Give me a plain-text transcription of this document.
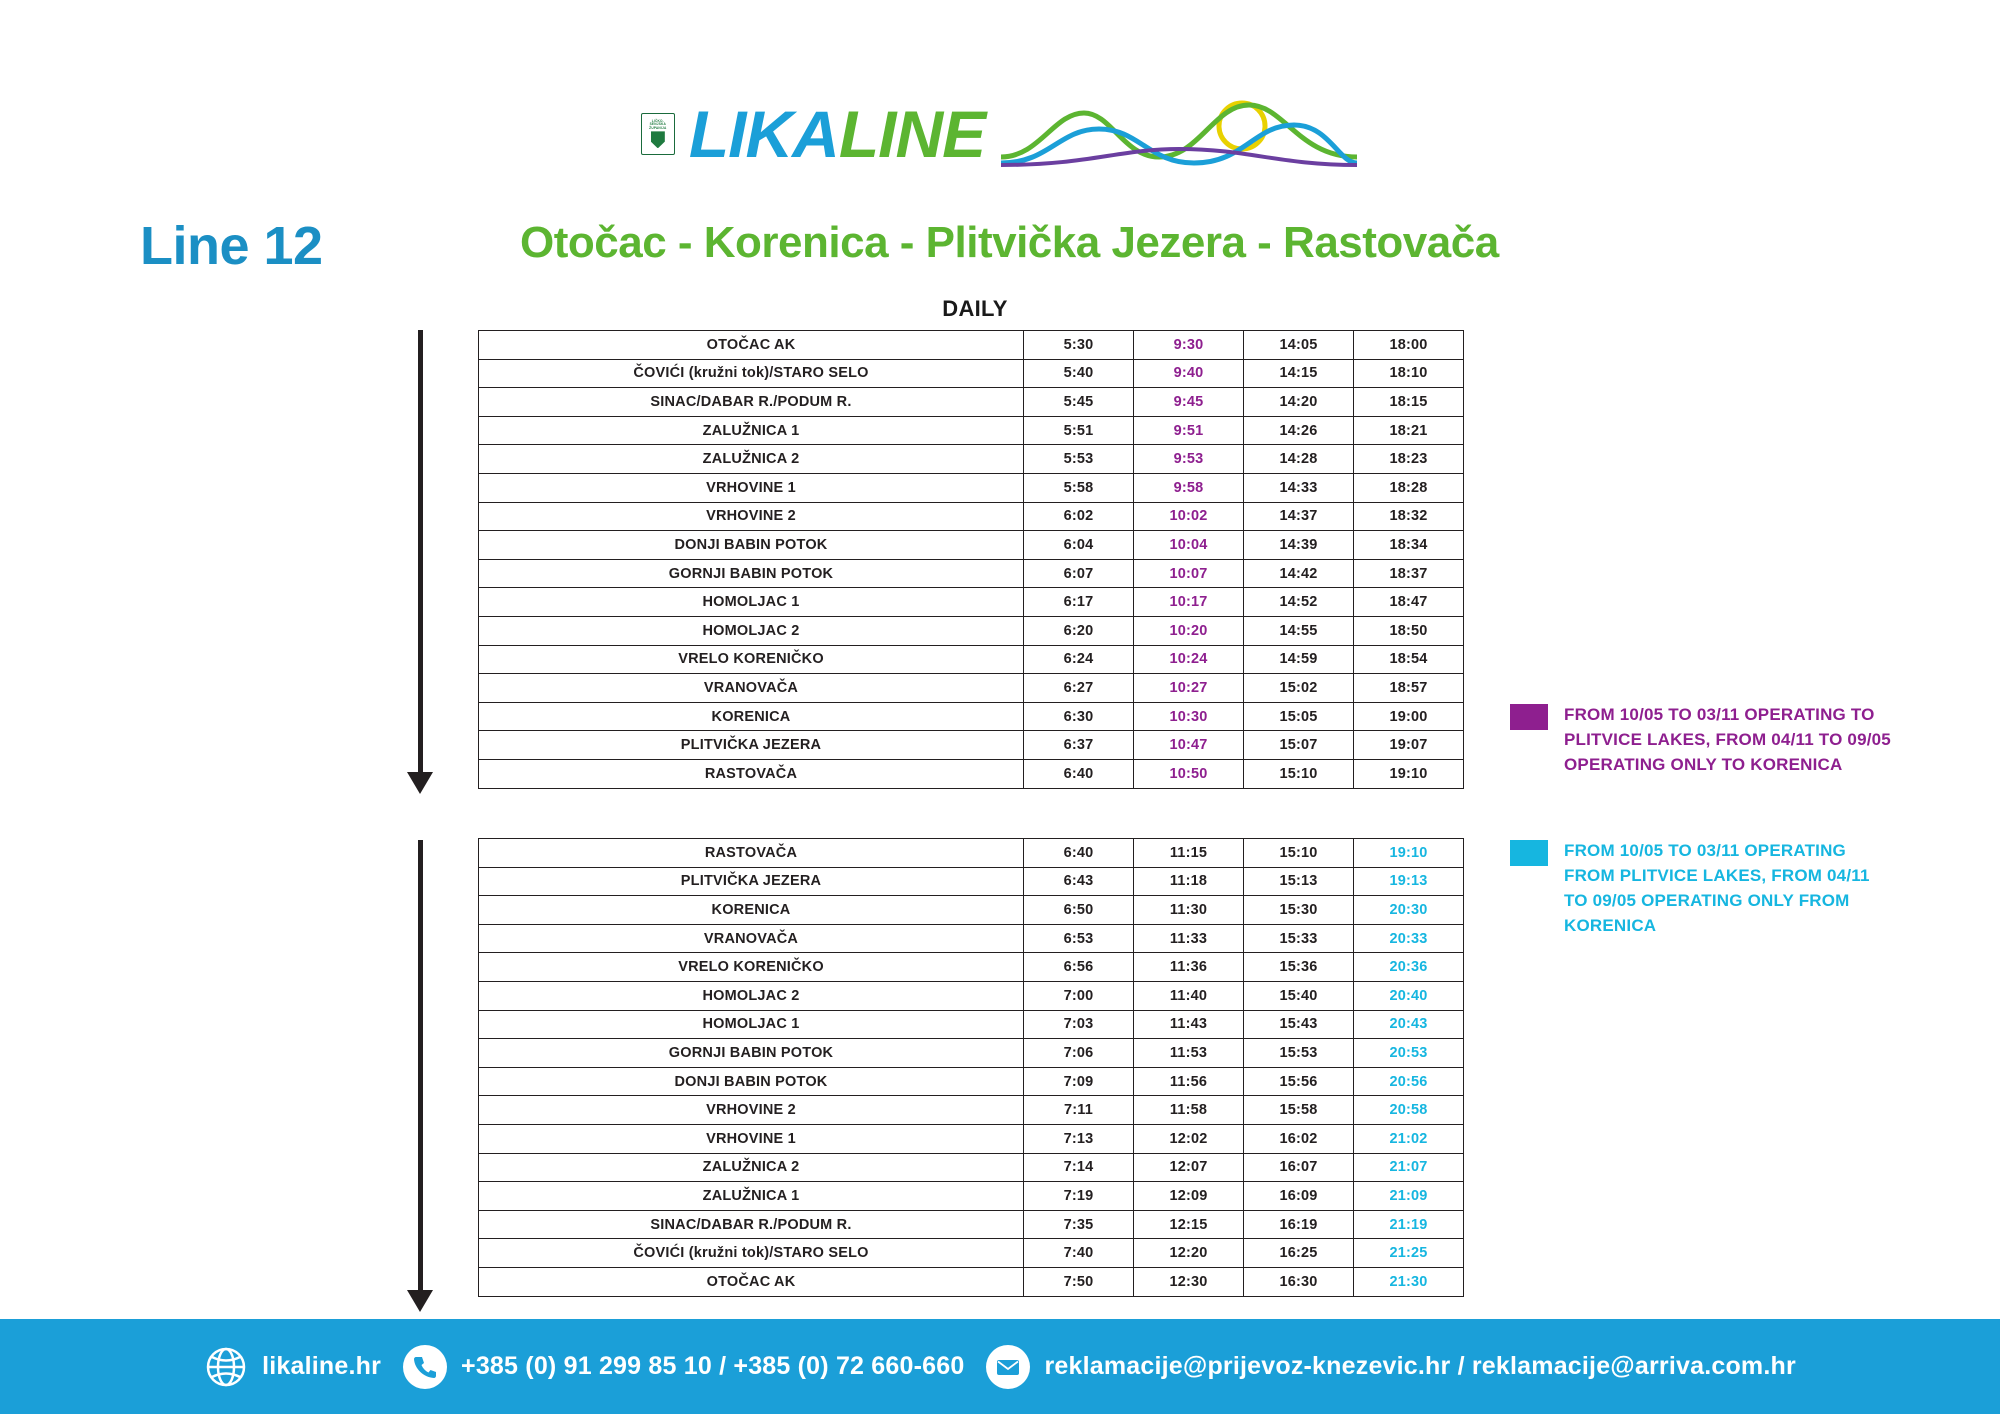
LIČKO-SENJSKA ŽUPANIJA LIKA LINE
Line 12	Otočac - Korenica - Plitvička Jezera - Rastovača
DAILY
OTOČAC AK	5:30	9:30	14:05	18:00
ČOVIĆI (kružni tok)/STARO SELO	5:40	9:40	14:15	18:10
SINAC/DABAR R./PODUM R.	5:45	9:45	14:20	18:15
ZALUŽNICA 1	5:51	9:51	14:26	18:21
ZALUŽNICA 2	5:53	9:53	14:28	18:23
VRHOVINE 1	5:58	9:58	14:33	18:28
VRHOVINE 2	6:02	10:02	14:37	18:32
DONJI BABIN POTOK	6:04	10:04	14:39	18:34
GORNJI BABIN POTOK	6:07	10:07	14:42	18:37
HOMOLJAC 1	6:17	10:17	14:52	18:47
HOMOLJAC 2	6:20	10:20	14:55	18:50
VRELO KORENIČKO	6:24	10:24	14:59	18:54
VRANOVAČA	6:27	10:27	15:02	18:57
KORENICA	6:30	10:30	15:05	19:00
PLITVIČKA JEZERA	6:37	10:47	15:07	19:07
RASTOVAČA	6:40	10:50	15:10	19:10
RASTOVAČA	6:40	11:15	15:10	19:10
PLITVIČKA JEZERA	6:43	11:18	15:13	19:13
KORENICA	6:50	11:30	15:30	20:30
VRANOVAČA	6:53	11:33	15:33	20:33
VRELO KORENIČKO	6:56	11:36	15:36	20:36
HOMOLJAC 2	7:00	11:40	15:40	20:40
HOMOLJAC 1	7:03	11:43	15:43	20:43
GORNJI BABIN POTOK	7:06	11:53	15:53	20:53
DONJI BABIN POTOK	7:09	11:56	15:56	20:56
VRHOVINE 2	7:11	11:58	15:58	20:58
VRHOVINE 1	7:13	12:02	16:02	21:02
ZALUŽNICA 2	7:14	12:07	16:07	21:07
ZALUŽNICA 1	7:19	12:09	16:09	21:09
SINAC/DABAR R./PODUM R.	7:35	12:15	16:19	21:19
ČOVIĆI (kružni tok)/STARO SELO	7:40	12:20	16:25	21:25
OTOČAC AK	7:50	12:30	16:30	21:30
FROM 10/05 TO 03/11 OPERATING TO PLITVICE LAKES, FROM 04/11 TO 09/05 OPERATING ONLY TO KORENICA
FROM 10/05 TO 03/11 OPERATING FROM PLITVICE LAKES, FROM 04/11 TO 09/05 OPERATING ONLY FROM KORENICA
likaline.hr	+385 (0) 91 299 85 10 / +385 (0) 72 660-660	reklamacije@prijevoz-knezevic.hr / reklamacije@arriva.com.hr
